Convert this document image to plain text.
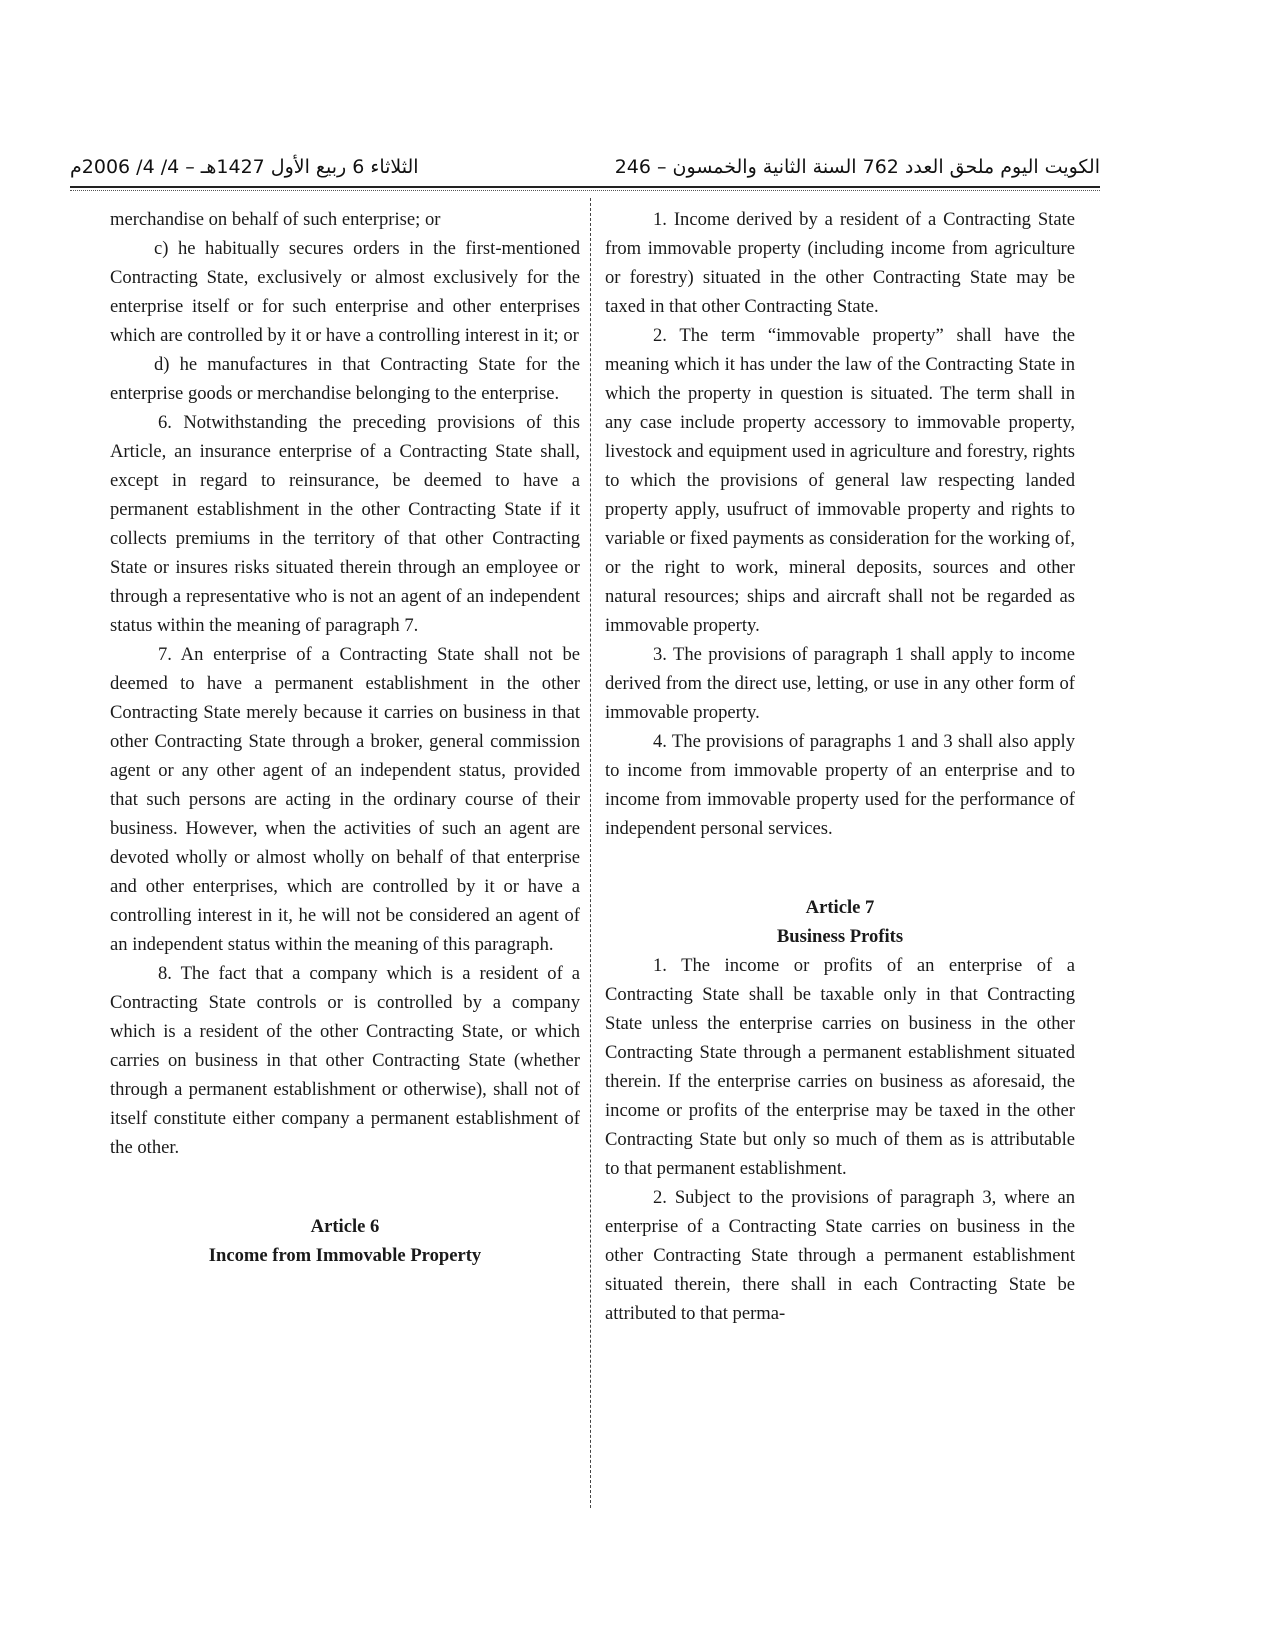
الكويت اليوم ملحق العدد 762 السنة الثانية والخمسون – 246
الثلاثاء 6 ربيع الأول 1427هـ – 4/ 4/ 2006م

merchandise on behalf of such enterprise; or

c) he habitually secures orders in the first-mentioned Contracting State, exclusively or almost exclusively for the enterprise itself or for such enterprise and other enterprises which are controlled by it or have a controlling interest in it; or

d) he manufactures in that Contracting State for the enterprise goods or merchandise belonging to the enterprise.

6. Notwithstanding the preceding provisions of this Article, an insurance enterprise of a Contracting State shall, except in regard to reinsurance, be deemed to have a permanent establishment in the other Contracting State if it collects premiums in the territory of that other Contracting State or insures risks situated therein through an employee or through a representative who is not an agent of an independent status within the meaning of paragraph 7.

7. An enterprise of a Contracting State shall not be deemed to have a permanent establishment in the other Contracting State merely because it carries on business in that other Contracting State through a broker, general commission agent or any other agent of an independent status, provided that such persons are acting in the ordinary course of their business. However, when the activities of such an agent are devoted wholly or almost wholly on behalf of that enterprise and other enterprises, which are controlled by it or have a controlling interest in it, he will not be considered an agent of an independent status within the meaning of this paragraph.

8. The fact that a company which is a resident of a Contracting State controls or is controlled by a company which is a resident of the other Contracting State, or which carries on business in that other Contracting State (whether through a permanent establishment or otherwise), shall not of itself constitute either company a permanent establishment of the other.

Article 6

Income from Immovable Property

1. Income derived by a resident of a Contracting State from immovable property (including income from agriculture or forestry) situated in the other Contracting State may be taxed in that other Contracting State.

2. The term “immovable property” shall have the meaning which it has under the law of the Contracting State in which the property in question is situated. The term shall in any case include property accessory to immovable property, livestock and equipment used in agriculture and forestry, rights to which the provisions of general law respecting landed property apply, usufruct of immovable property and rights to variable or fixed payments as consideration for the working of, or the right to work, mineral deposits, sources and other natural resources; ships and aircraft shall not be regarded as immovable property.

3. The provisions of paragraph 1 shall apply to income derived from the direct use, letting, or use in any other form of immovable property.

4. The provisions of paragraphs 1 and 3 shall also apply to income from immovable property of an enterprise and to income from immovable property used for the performance of independent personal services.

Article 7

Business Profits

1. The income or profits of an enterprise of a Contracting State shall be taxable only in that Contracting State unless the enterprise carries on business in the other Contracting State through a permanent establishment situated therein. If the enterprise carries on business as aforesaid, the income or profits of the enterprise may be taxed in the other Contracting State but only so much of them as is attributable to that permanent establishment.

2. Subject to the provisions of paragraph 3, where an enterprise of a Contracting State carries on business in the other Contracting State through a permanent establishment situated therein, there shall in each Contracting State be attributed to that perma-
